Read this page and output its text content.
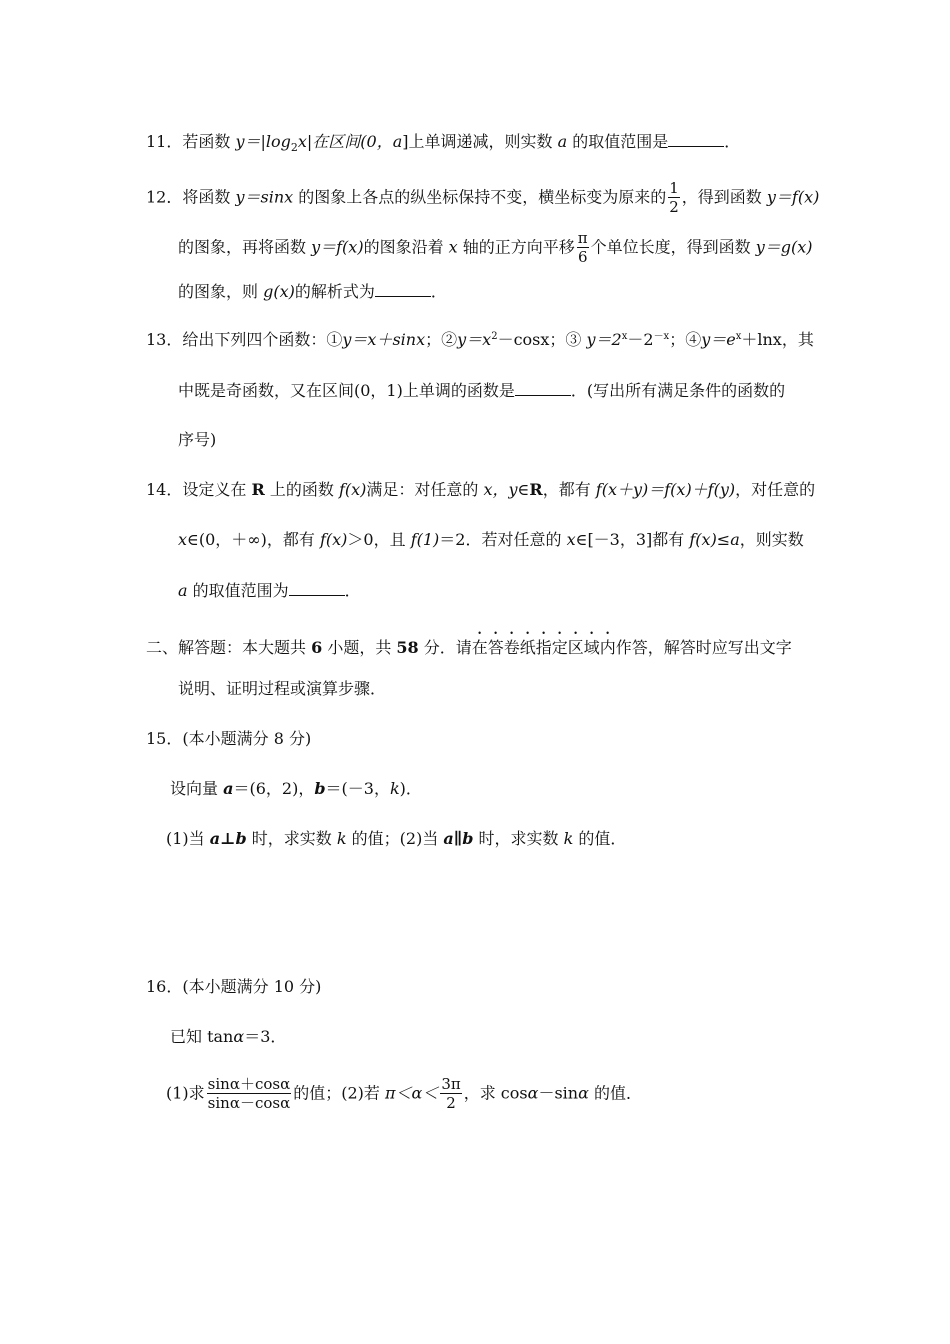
11．若函数 $y=|\log_2x|$在区间(0，a]上单调递减，则实数 a 的取值范围是	．
12．将函数 y＝sinx 的图象上各点的纵坐标保持不变，横坐标变为原来的 $\frac{1}{2}$ ，得到函数 y＝f(x)
的图象，再将函数 y＝f(x)的图象沿着 x 轴的正方向平移 $\frac{\pi}{6}$ 个单位长度，得到函数 y＝g(x)
的图象，则 g(x)的解析式为	．
13．给出下列四个函数：①y＝x＋sinx；$②y=x^2-\cos x$；③ $y=2^x-2^{-x}$；$④y=e^x+\ln x$，其
中既是奇函数，又在区间(0，1)上单调的函数是	．(写出所有满足条件的函数的
序号)
14．设定义在 R 上的函数 f(x)满足：对任意的 x，y∈R，都有 f(x＋y)＝f(x)＋f(y)，对任意的
x∈(0，＋∞)，都有 f(x)＞0，且 f(1)＝2．若对任意的 x∈[－3，3]都有 f(x)≤a，则实数
a 的取值范围为	．
二、解答题：本大题共 6 小题，共 58 分．请在答卷纸指定区域内作答，解答时应写出文字
说明、证明过程或演算步骤．
15．(本小题满分 8 分)
设向量 a＝(6，2)，b＝(－3，k)．
(1)当 a⊥b 时，求实数 k 的值；(2)当 a∥b 时，求实数 k 的值．
16．(本小题满分 10 分)
已知 tanα＝3．
(1)求 $\frac{\sin\alpha+\cos\alpha}{\sin\alpha-\cos\alpha}$ 的值；(2)若 $\pi<\alpha< \frac{3\pi}{2}$ ，求 cosα－sinα 的值．
